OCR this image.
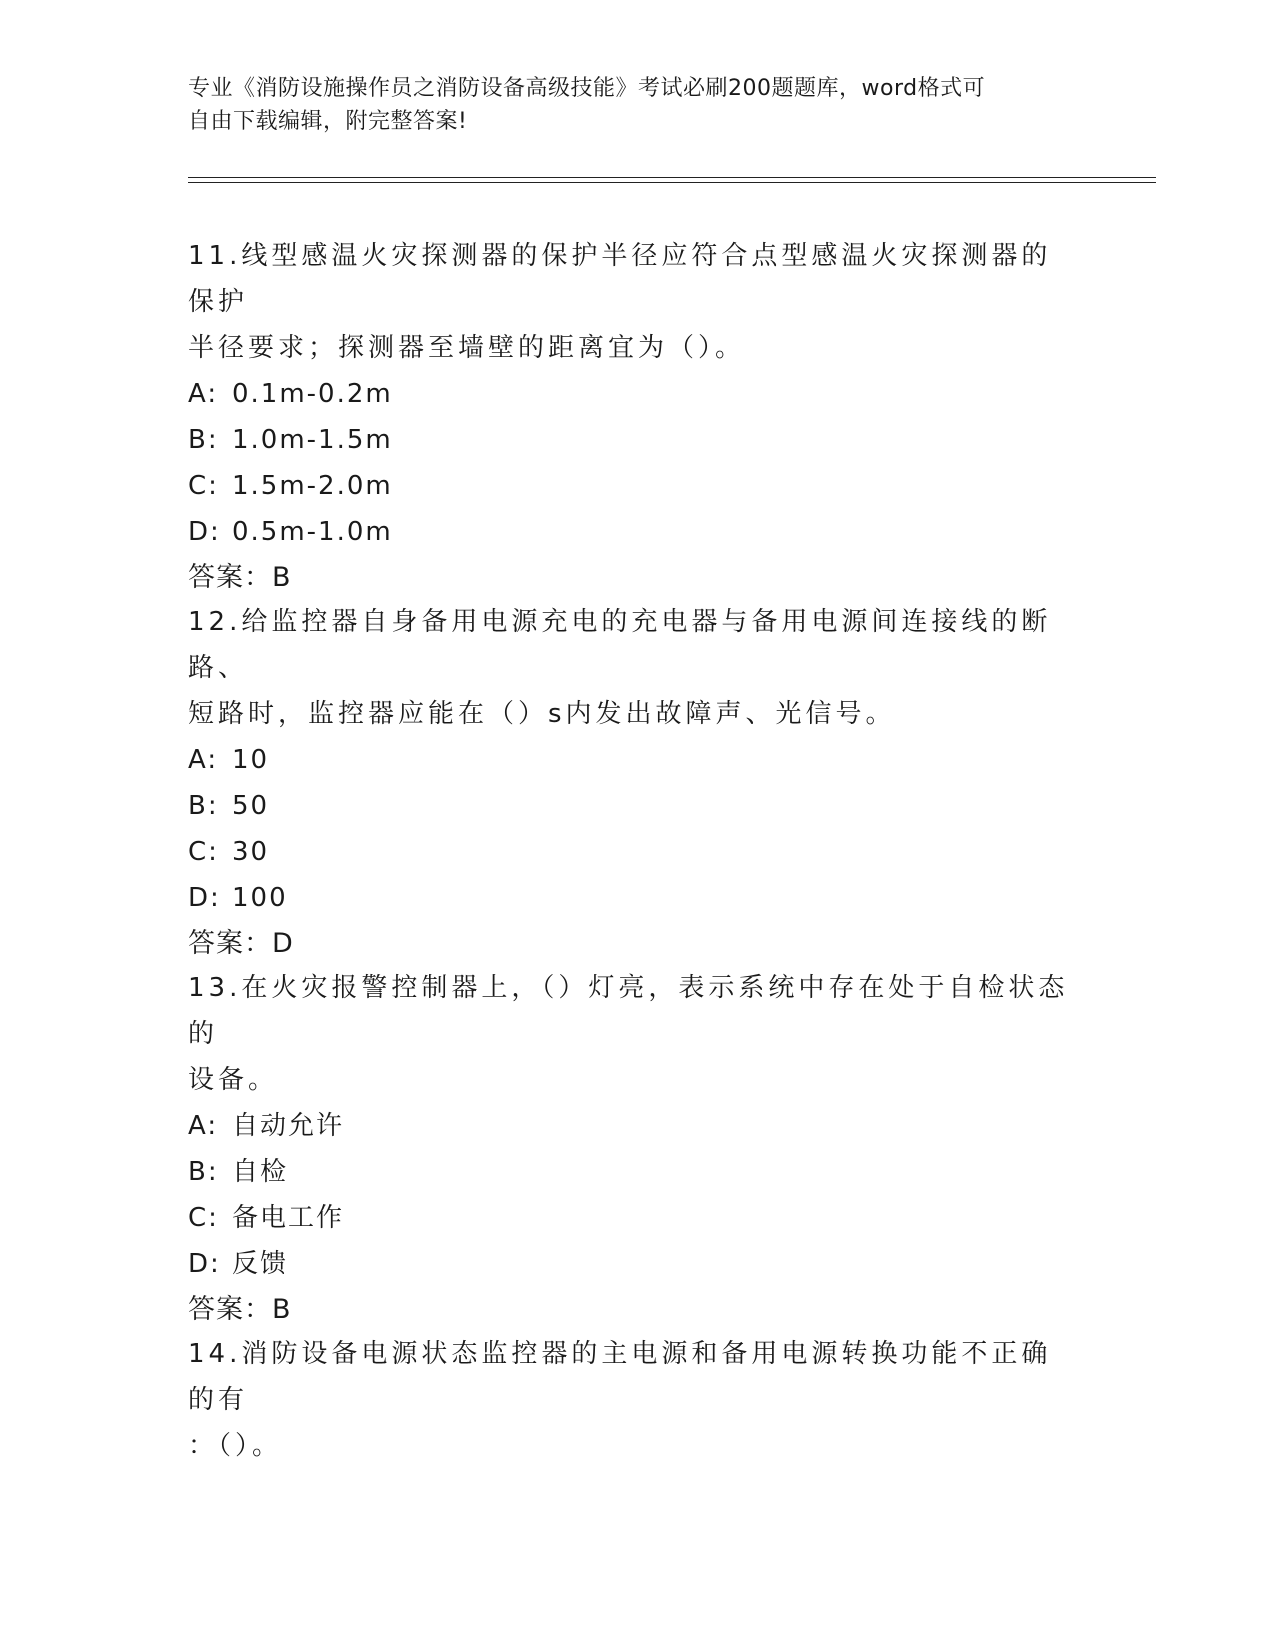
专业《消防设施操作员之消防设备高级技能》考试必刷200题题库，word格式可
自由下载编辑，附完整答案!

11.线型感温火灾探测器的保护半径应符合点型感温火灾探测器的保护

半径要求；探测器至墙壁的距离宜为（）。

A: 0.1m-0.2m

B: 1.0m-1.5m

C: 1.5m-2.0m

D: 0.5m-1.0m

答案：B

12.给监控器自身备用电源充电的充电器与备用电源间连接线的断路、

短路时，监控器应能在（）s内发出故障声、光信号。

A: 10

B: 50

C: 30

D: 100

答案：D

13.在火灾报警控制器上，（）灯亮，表示系统中存在处于自检状态的

设备。

A: 自动允许

B: 自检

C: 备电工作

D: 反馈

答案：B

14.消防设备电源状态监控器的主电源和备用电源转换功能不正确的有

：（）。
